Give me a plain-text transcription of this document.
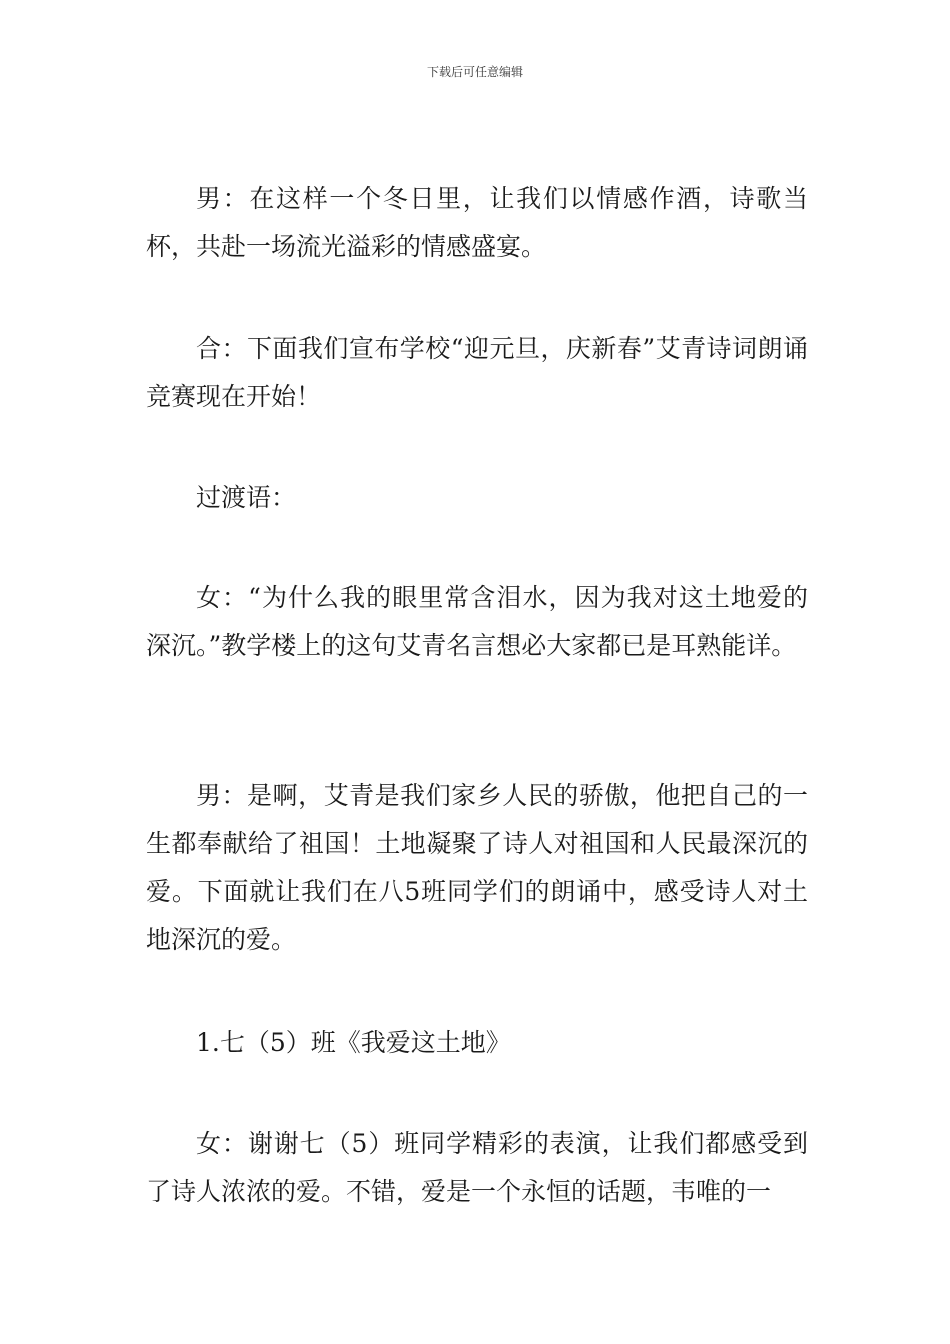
下载后可任意编辑

男：在这样一个冬日里，让我们以情感作酒，诗歌当杯，共赴一场流光溢彩的情感盛宴。

合：下面我们宣布学校“迎元旦，庆新春”艾青诗词朗诵竞赛现在开始！

过渡语：

女：“为什么我的眼里常含泪水，因为我对这土地爱的深沉。”教学楼上的这句艾青名言想必大家都已是耳熟能详。

男：是啊，艾青是我们家乡人民的骄傲，他把自己的一生都奉献给了祖国！土地凝聚了诗人对祖国和人民最深沉的爱。下面就让我们在八5班同学们的朗诵中，感受诗人对土地深沉的爱。

1.七（5）班《我爱这土地》

女：谢谢七（5）班同学精彩的表演，让我们都感受到了诗人浓浓的爱。不错，爱是一个永恒的话题，韦唯的一
